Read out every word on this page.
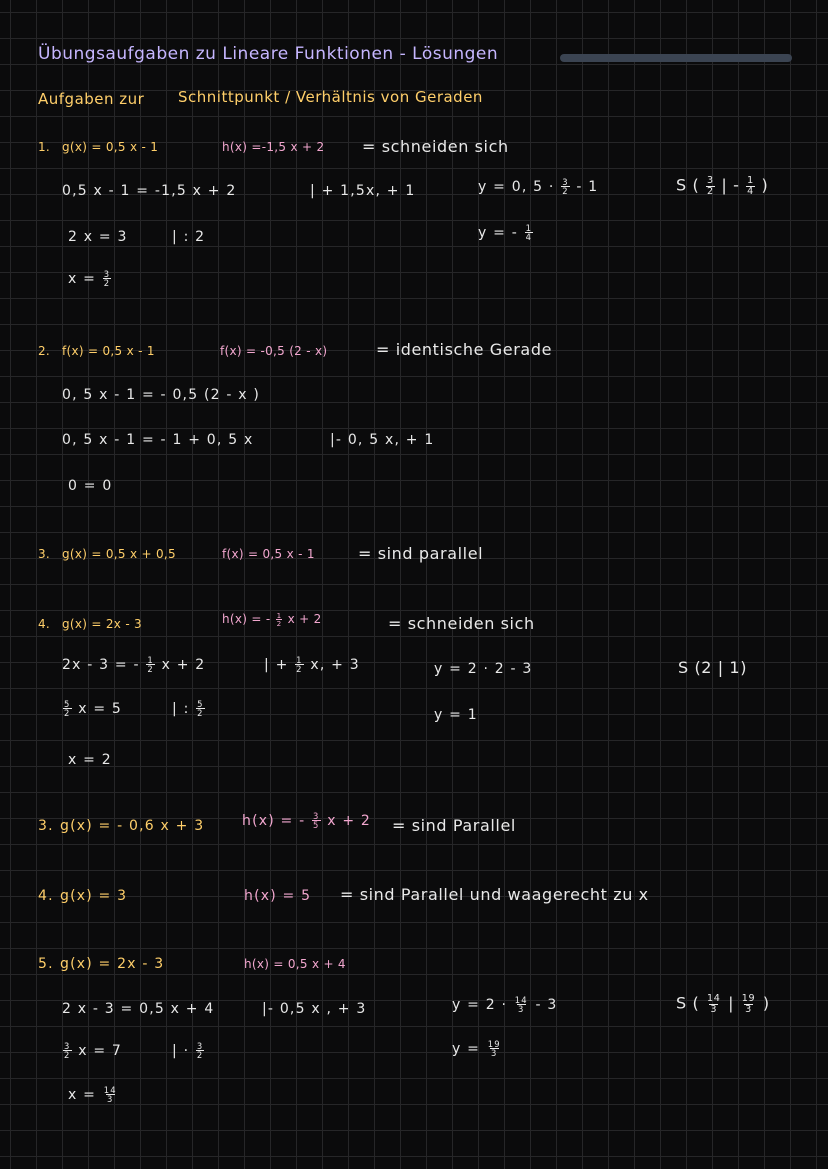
Übungsaufgaben zu Lineare Funktionen - Lösungen
Aufgaben zur Schnittpunkt / Verhältnis von Geraden
1. g(x) = 0,5 x - 1	h(x) =-1,5 x + 2 = schneiden sich
0,5 x - 1 = -1,5 x + 2	| + 1,5x, + 1	y = 0, $5 \cdot \frac{3}{2} - 1$	S ( $\frac{3}{2}$ | - $\frac{1}{4}$ )
2 x = 3	| : 2	y = - $\frac{1}{4}$
$x = \frac{3}{2}$
2. f(x) = 0,5 x - 1	f(x) = -0,5 (2 - x)	= identische Gerade
0, 5 x - 1 = - 0,5 (2 - x )
0, 5 x - 1 = - 1 + 0, 5 x	|- 0, 5 x, + 1
0 = 0
3. g(x) = 0,5 x + 0,5	f(x) = 0,5 x - 1	= sind parallel
4. g(x) = 2x - 3	h(x) = - $\frac{1}{2}$ x + 2	= schneiden sich
2x - 3 = - $\frac{1}{2}$ x + 2	| + $\frac{1}{2} x$, + 3	y = 2 · 2 - 3	S (2 | 1)
$\frac{5}{2}$ x = 5	| : $\frac{5}{2}$	y = 1
x = 2
3. g(x) = - 0,6 x + 3	h(x) = - $\frac{3}{5}$ x + 2 = sind Parallel
4. g(x) = 3	h(x) = 5 = sind Parallel und waagerecht zu x
5. g(x) = 2x - 3	h(x) = 0,5 x + 4
2 x - 3 = 0,5 x + 4	|- 0,5 x , + 3	$y = 2 \cdot \frac{14}{3} - 3$	S ( $\frac{14}{3}$ | $\frac{19}{3}$ )
$\frac{3}{2}$ x = 7	| · $\frac{3}{2}$	$y = \frac{19}{3}$
$x = \frac{14}{3}$
